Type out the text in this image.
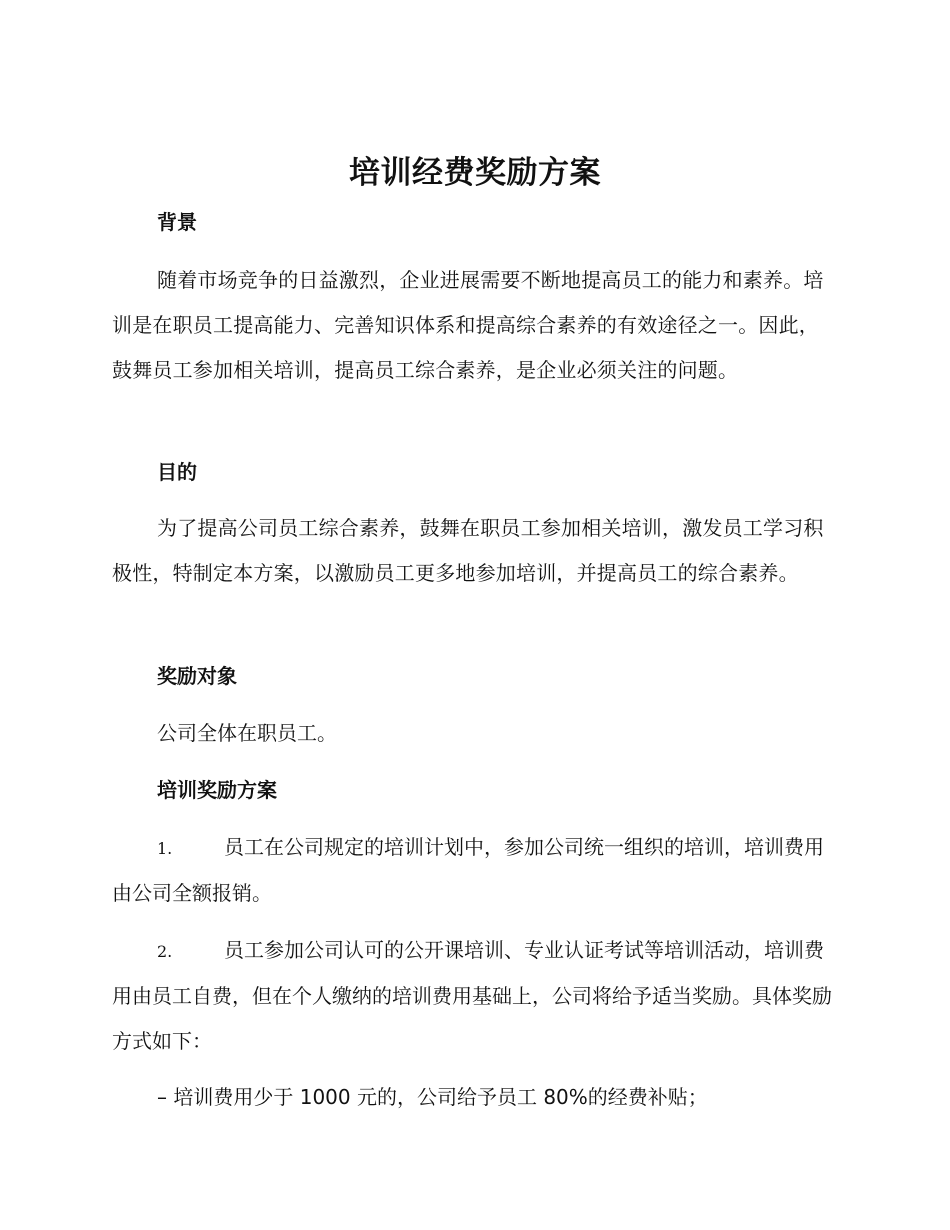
培训经费奖励方案
背景
随着市场竞争的日益激烈，企业进展需要不断地提高员工的能力和素养。培训是在职员工提高能力、完善知识体系和提高综合素养的有效途径之一。因此，鼓舞员工参加相关培训，提高员工综合素养，是企业必须关注的问题。
目的
为了提高公司员工综合素养，鼓舞在职员工参加相关培训，激发员工学习积极性，特制定本方案，以激励员工更多地参加培训，并提高员工的综合素养。
奖励对象
公司全体在职员工。
培训奖励方案
1.	员工在公司规定的培训计划中，参加公司统一组织的培训，培训费用由公司全额报销。
2.	员工参加公司认可的公开课培训、专业认证考试等培训活动，培训费用由员工自费，但在个人缴纳的培训费用基础上，公司将给予适当奖励。具体奖励方式如下：
– 培训费用少于 1000 元的，公司给予员工 80%的经费补贴；
